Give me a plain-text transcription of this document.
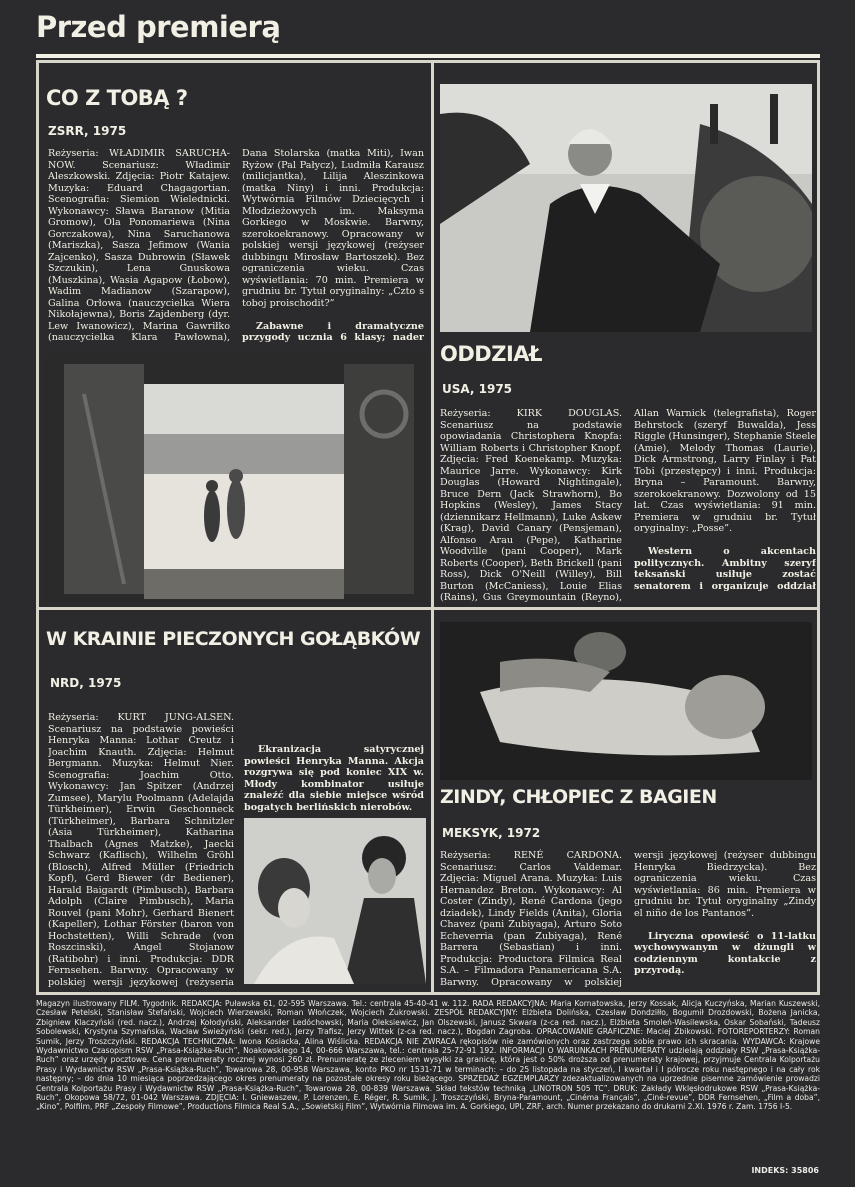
Przed premierą
CO Z TOBĄ ?
ZSRR, 1975
Reżyseria: WŁADIMIR SARUCHA-NOW. Scenariusz: Władimir Aleszkowski. Zdjęcia: Piotr Katajew. Muzyka: Eduard Chagagortian. Scenografia: Siemion Wielednicki. Wykonawcy: Sława Baranow (Mitia Gromow), Ola Ponomariewa (Nina Gorczakowa), Nina Saruchanowa (Mariszka), Sasza Jefimow (Wania Zajcenko), Sasza Dubrowin (Sławek Szczukin), Lena Gnuskowa (Muszkina), Wasia Agapow (Łobow), Wadim Madianow (Szarapow), Galina Orłowa (nauczycielka Wiera Nikołajewna), Boris Zajdenberg (dyr. Lew Iwanowicz), Marina Gawriłko (nauczycielka Klara Pawłowna), Dana Stolarska (matka Miti), Iwan Ryżow (Pal Pałycz), Ludmiła Karausz (milicjantka), Lilija Aleszinkowa (matka Niny) i inni. Produkcja: Wytwórnia Filmów Dziecięcych i Młodzieżowych im. Maksyma Gorkiego w Moskwie. Barwny, szerokoekranowy. Opracowany w polskiej wersji językowej (reżyser dubbingu Mirosław Bartoszek). Bez ograniczenia wieku. Czas wyświetlania: 70 min. Premiera w grudniu br. Tytuł oryginalny: „Czto s toboj proischodit?”

Zabawne i dramatyczne przygody ucznia 6 klasy; nader
ODDZIAŁ
USA, 1975
Reżyseria: KIRK DOUGLAS. Scenariusz na podstawie opowiadania Christophera Knopfa: William Roberts i Christopher Knopf. Zdjęcia: Fred Koenekamp. Muzyka: Maurice Jarre. Wykonawcy: Kirk Douglas (Howard Nightingale), Bruce Dern (Jack Strawhorn), Bo Hopkins (Wesley), James Stacy (dziennikarz Hellmann), Luke Askew (Krag), David Canary (Pensjeman), Alfonso Arau (Pepe), Katharine Woodville (pani Cooper), Mark Roberts (Cooper), Beth Brickell (pani Ross), Dick O'Neill (Willey), Bill Burton (McCaniess), Louie Elias (Rains), Gus Greymountain (Reyno), Allan Warnick (telegrafista), Roger Behrstock (szeryf Buwalda), Jess Riggle (Hunsinger), Stephanie Steele (Amie), Melody Thomas (Laurie), Dick Armstrong, Larry Finlay i Pat Tobi (przestępcy) i inni. Produkcja: Bryna – Paramount. Barwny, szerokoekranowy. Dozwolony od 15 lat. Czas wyświetlania: 91 min. Premiera w grudniu br. Tytuł oryginalny: „Posse”.

Western o akcentach politycznych. Ambitny szeryf teksański usiłuje zostać senatorem i organizuje oddział
W KRAINIE PIECZONYCH GOŁĄBKÓW
NRD, 1975
Reżyseria: KURT JUNG-ALSEN. Scenariusz na podstawie powieści Henryka Manna: Lothar Creutz i Joachim Knauth. Zdjęcia: Helmut Bergmann. Muzyka: Helmut Nier. Scenografia: Joachim Otto. Wykonawcy: Jan Spitzer (Andrzej Zumsee), Marylu Poolmann (Adelajda Türkheimer), Erwin Geschonneck (Türkheimer), Barbara Schnitzler (Asia Türkheimer), Katharina Thalbach (Agnes Matzke), Jaecki Schwarz (Kaflisch), Wilhelm Gröhl (Blosch), Alfred Müller (Friedrich Kopf), Gerd Biewer (dr Bediener), Harald Baigardt (Pimbusch), Barbara Adolph (Claire Pimbusch), Maria Rouvel (pani Mohr), Gerhard Bienert (Kapeller), Lothar Förster (baron von Hochstetten), Willi Schrade (von Roszcinski), Angel Stojanow (Ratibohr) i inni. Produkcja: DDR Fernsehen. Barwny. Opracowany w polskiej wersji językowej (reżyseria
Ekranizacja satyrycznej powieści Henryka Manna. Akcja rozgrywa się pod koniec XIX w. Młody kombinator usiłuje znaleźć dla siebie miejsce wśród bogatych berlińskich nierobów.	ZINDY, CHŁOPIEC Z BAGIEN
MEKSYK, 1972
Reżyseria: RENÉ CARDONA. Scenariusz: Carlos Valdemar. Zdjęcia: Miguel Arana. Muzyka: Luis Hernandez Breton. Wykonawcy: Al Coster (Zindy), René Cardona (jego dziadek), Lindy Fields (Anita), Gloria Chavez (pani Zubiyaga), Arturo Soto Echeverria (pan Zubiyaga), René Barrera (Sebastian) i inni. Produkcja: Productora Filmica Real S.A. – Filmadora Panamericana S.A. Barwny. Opracowany w polskiej wersji językowej (reżyser dubbingu Henryka Biedrzycka). Bez ograniczenia wieku. Czas wyświetlania: 86 min. Premiera w grudniu br. Tytuł oryginalny „Zindy el niño de los Pantanos”.

Liryczna opowieść o 11-latku wychowywanym w dżungli w codziennym kontakcie z przyrodą.
Magazyn ilustrowany FILM. Tygodnik. REDAKCJA: Puławska 61, 02-595 Warszawa. Tel.: centrala 45-40-41 w. 112. RADA REDAKCYJNA: Maria Kornatowska, Jerzy Kossak, Alicja Kuczyńska, Marian Kuszewski, Czesław Petelski, Stanisław Stefański, Wojciech Wierzewski, Roman Włończek, Wojciech Żukrowski. ZESPÓŁ REDAKCYJNY: Elżbieta Dolińska, Czesław Dondziłło, Bogumił Drozdowski, Bożena Janicka, Zbigniew Klaczyński (red. nacz.), Andrzej Kołodyński, Aleksander Ledóchowski, Maria Oleksiewicz, Jan Olszewski, Janusz Skwara (z-ca red. nacz.), Elżbieta Smoleń-Wasilewska, Oskar Sobański, Tadeusz Sobolewski, Krystyna Szymańska, Wacław Świeżyński (sekr. red.), Jerzy Trafisz, Jerzy Wittek (z-ca red. nacz.), Bogdan Zagroba. OPRACOWANIE GRAFICZNE: Maciej Żbikowski. FOTOREPORTERZY: Roman Sumik, Jerzy Troszczyński. REDAKCJA TECHNICZNA: Iwona Kosiacka, Alina Wiślicka. REDAKCJA NIE ZWRACA rękopisów nie zamówionych oraz zastrzega sobie prawo ich skracania. WYDAWCA: Krajowe Wydawnictwo Czasopism RSW „Prasa-Książka-Ruch”, Noakowskiego 14, 00-666 Warszawa, tel.: centrala 25-72-91 192. INFORMACJI O WARUNKACH PRENUMERATY udzielają oddziały RSW „Prasa-Książka-Ruch” oraz urzędy pocztowe. Cena prenumeraty rocznej wynosi 260 zł. Prenumeratę ze zleceniem wysyłki za granicę, która jest o 50% droższa od prenumeraty krajowej, przyjmuje Centrala Kolportażu Prasy i Wydawnictw RSW „Prasa-Książka-Ruch”, Towarowa 28, 00-958 Warszawa, konto PKO nr 1531-71 w terminach: – do 25 listopada na styczeń, I kwartał i I półrocze roku następnego i na cały rok następny; – do dnia 10 miesiąca poprzedzającego okres prenumeraty na pozostałe okresy roku bieżącego. SPRZEDAŻ EGZEMPLARZY zdezaktualizowanych na uprzednie pisemne zamówienie prowadzi Centrala Kolportażu Prasy i Wydawnictw RSW „Prasa-Książka-Ruch”, Towarowa 28, 00-839 Warszawa. Skład tekstów techniką „LINOTRON 505 TC”. DRUK: Zakłady Wklęsłodrukowe RSW „Prasa-Książka-Ruch”, Okopowa 58/72, 01-042 Warszawa. ZDJĘCIA: I. Gniewaszew, P. Lorenzen, E. Réger, R. Sumik, J. Troszczyński, Bryna-Paramount, „Cinéma Français”, „Ciné-revue”, DDR Fernsehen, „Film a doba”, „Kino”, Polfilm, PRF „Zespoły Filmowe”, Productions Filmica Real S.A., „Sowietskij Film”, Wytwórnia Filmowa im. A. Gorkiego, UPI, ZRF, arch. Numer przekazano do drukarni 2.XI. 1976 r. Zam. 1756 I-5.
INDEKS: 35806
